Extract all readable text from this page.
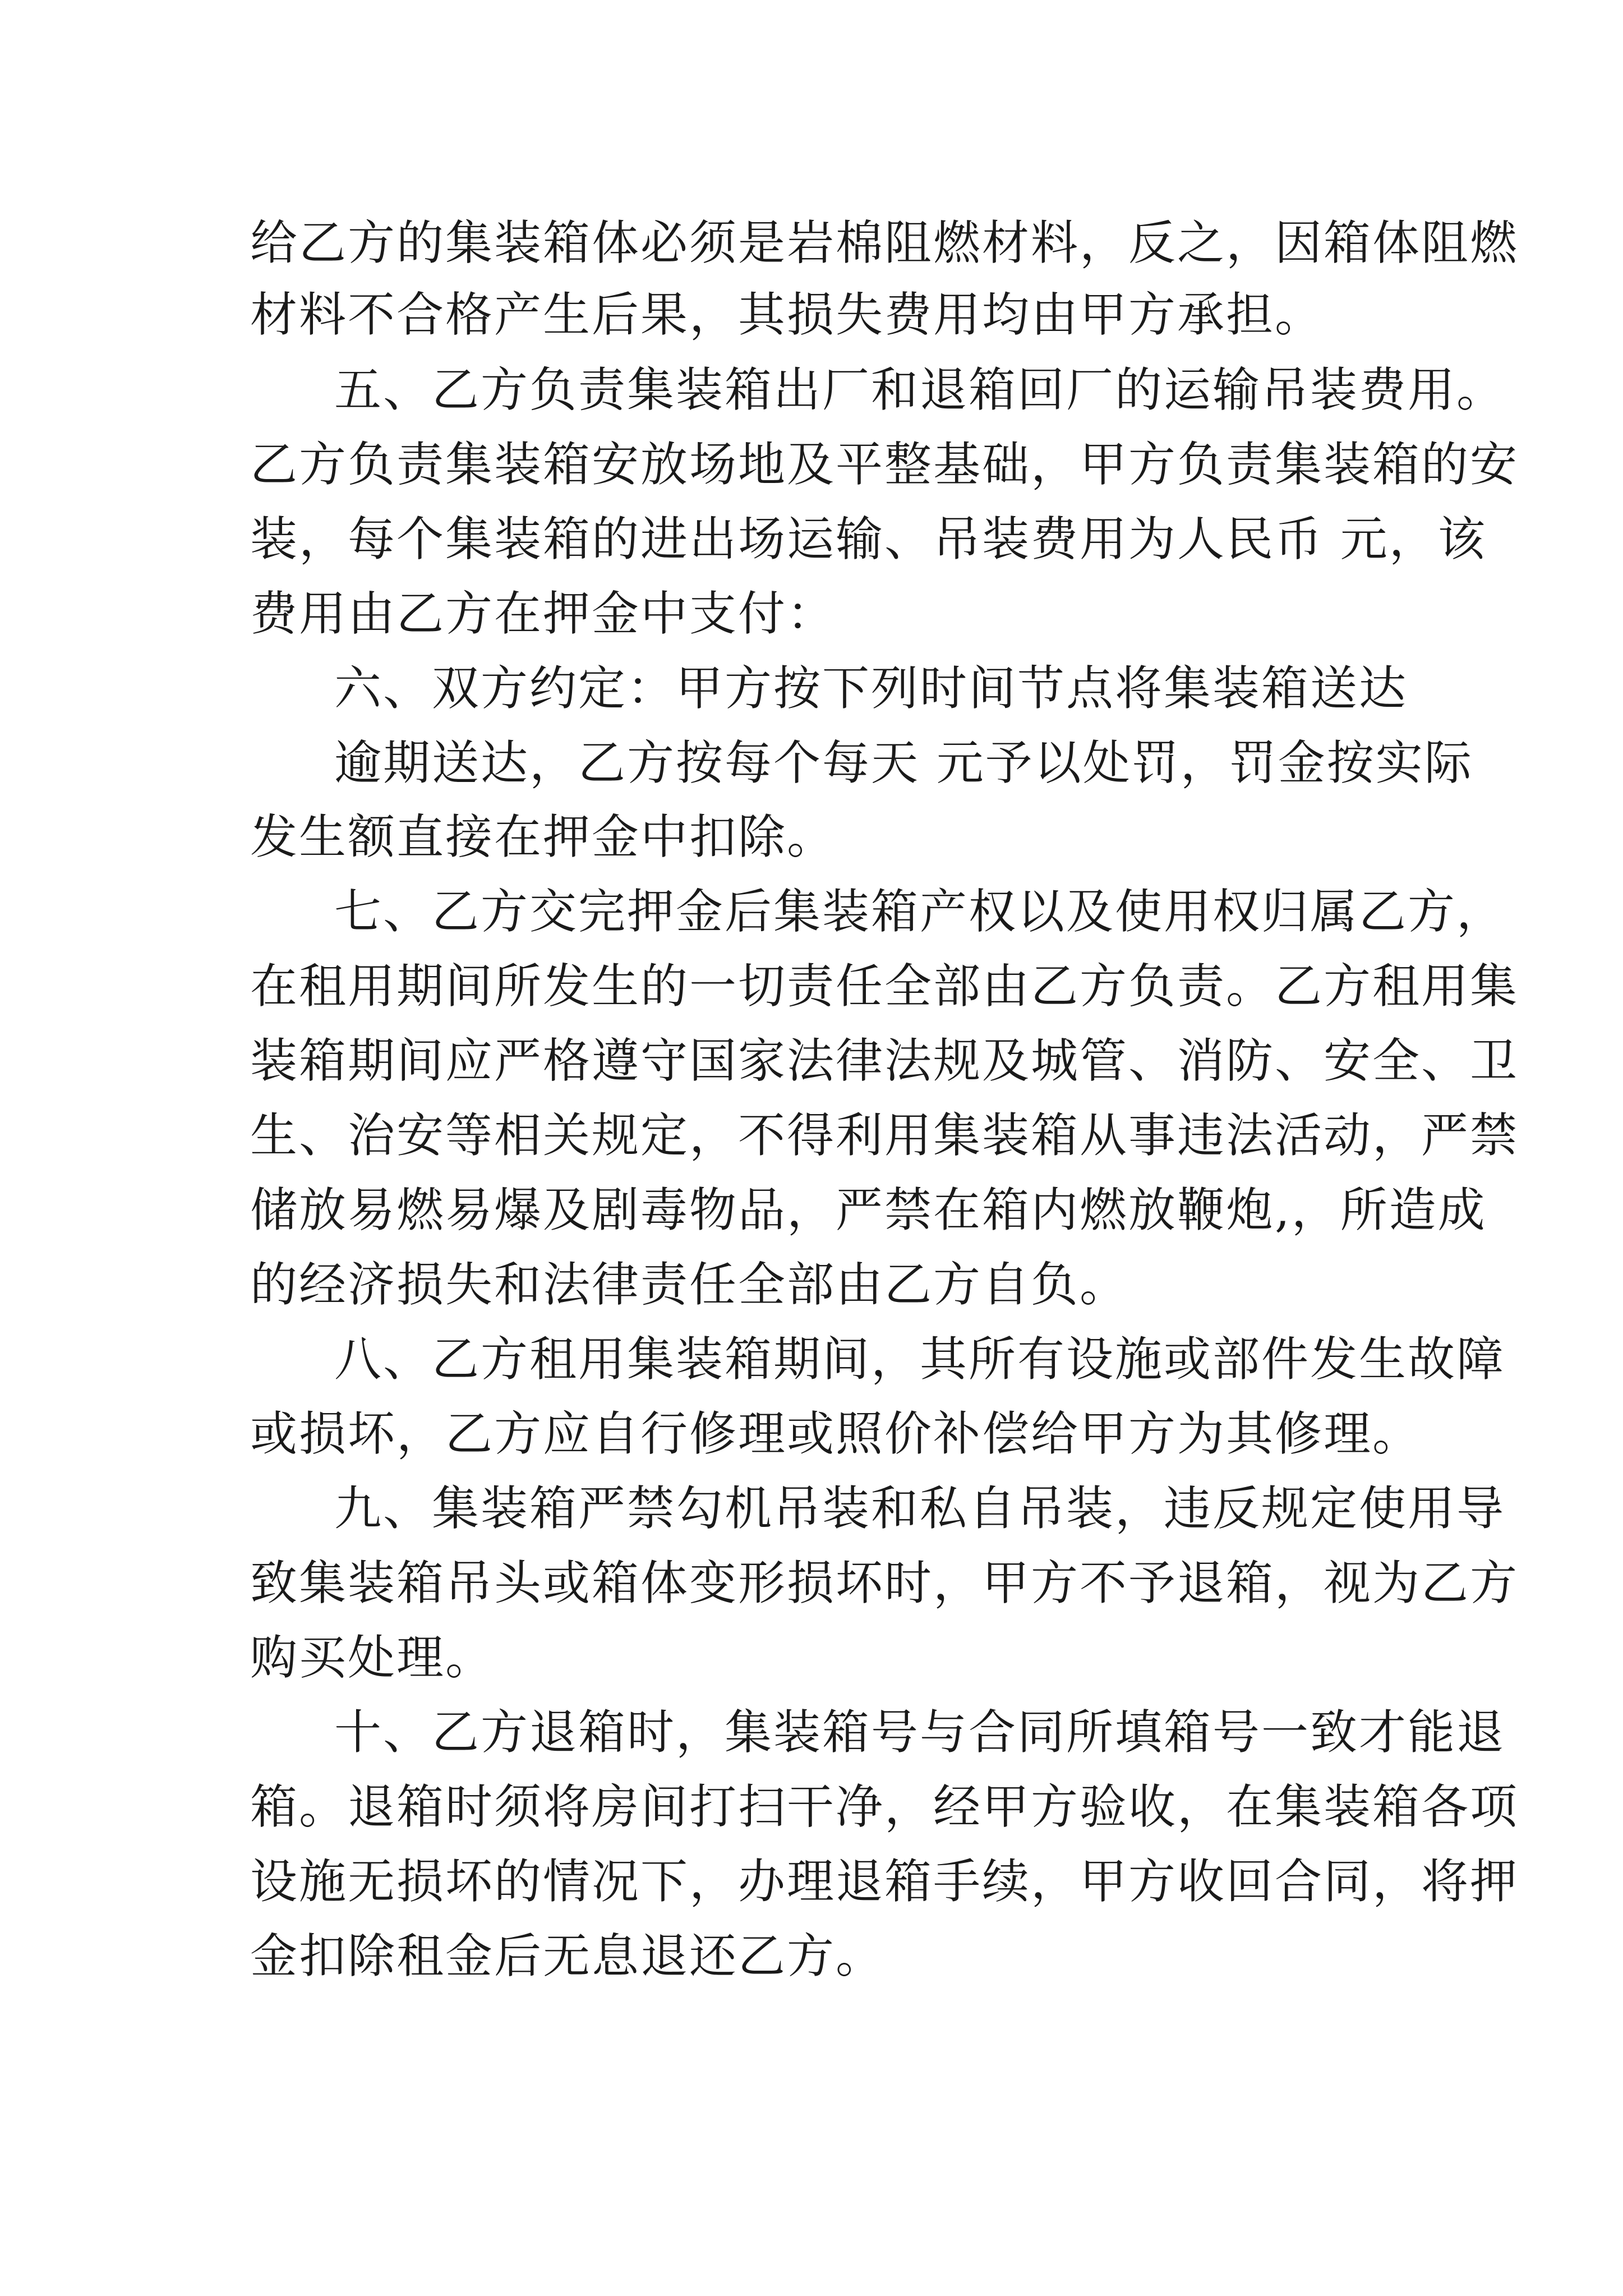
给乙方的集装箱体必须是岩棉阻燃材料，反之，因箱体阻燃
材料不合格产生后果，其损失费用均由甲方承担。
五、乙方负责集装箱出厂和退箱回厂的运输吊装费用。
乙方负责集装箱安放场地及平整基础，甲方负责集装箱的安
装，每个集装箱的进出场运输、吊装费用为人民币 元，该
费用由乙方在押金中支付：
六、双方约定：甲方按下列时间节点将集装箱送达
逾期送达，乙方按每个每天 元予以处罚，罚金按实际
发生额直接在押金中扣除。
七、乙方交完押金后集装箱产权以及使用权归属乙方，
在租用期间所发生的一切责任全部由乙方负责。乙方租用集
装箱期间应严格遵守国家法律法规及城管、消防、安全、卫
生、治安等相关规定，不得利用集装箱从事违法活动，严禁
储放易燃易爆及剧毒物品，严禁在箱内燃放鞭炮,，所造成
的经济损失和法律责任全部由乙方自负。
八、乙方租用集装箱期间，其所有设施或部件发生故障
或损坏，乙方应自行修理或照价补偿给甲方为其修理。
九、集装箱严禁勾机吊装和私自吊装，违反规定使用导
致集装箱吊头或箱体变形损坏时，甲方不予退箱，视为乙方
购买处理。
十、乙方退箱时，集装箱号与合同所填箱号一致才能退
箱。退箱时须将房间打扫干净，经甲方验收，在集装箱各项
设施无损坏的情况下，办理退箱手续，甲方收回合同，将押
金扣除租金后无息退还乙方。
